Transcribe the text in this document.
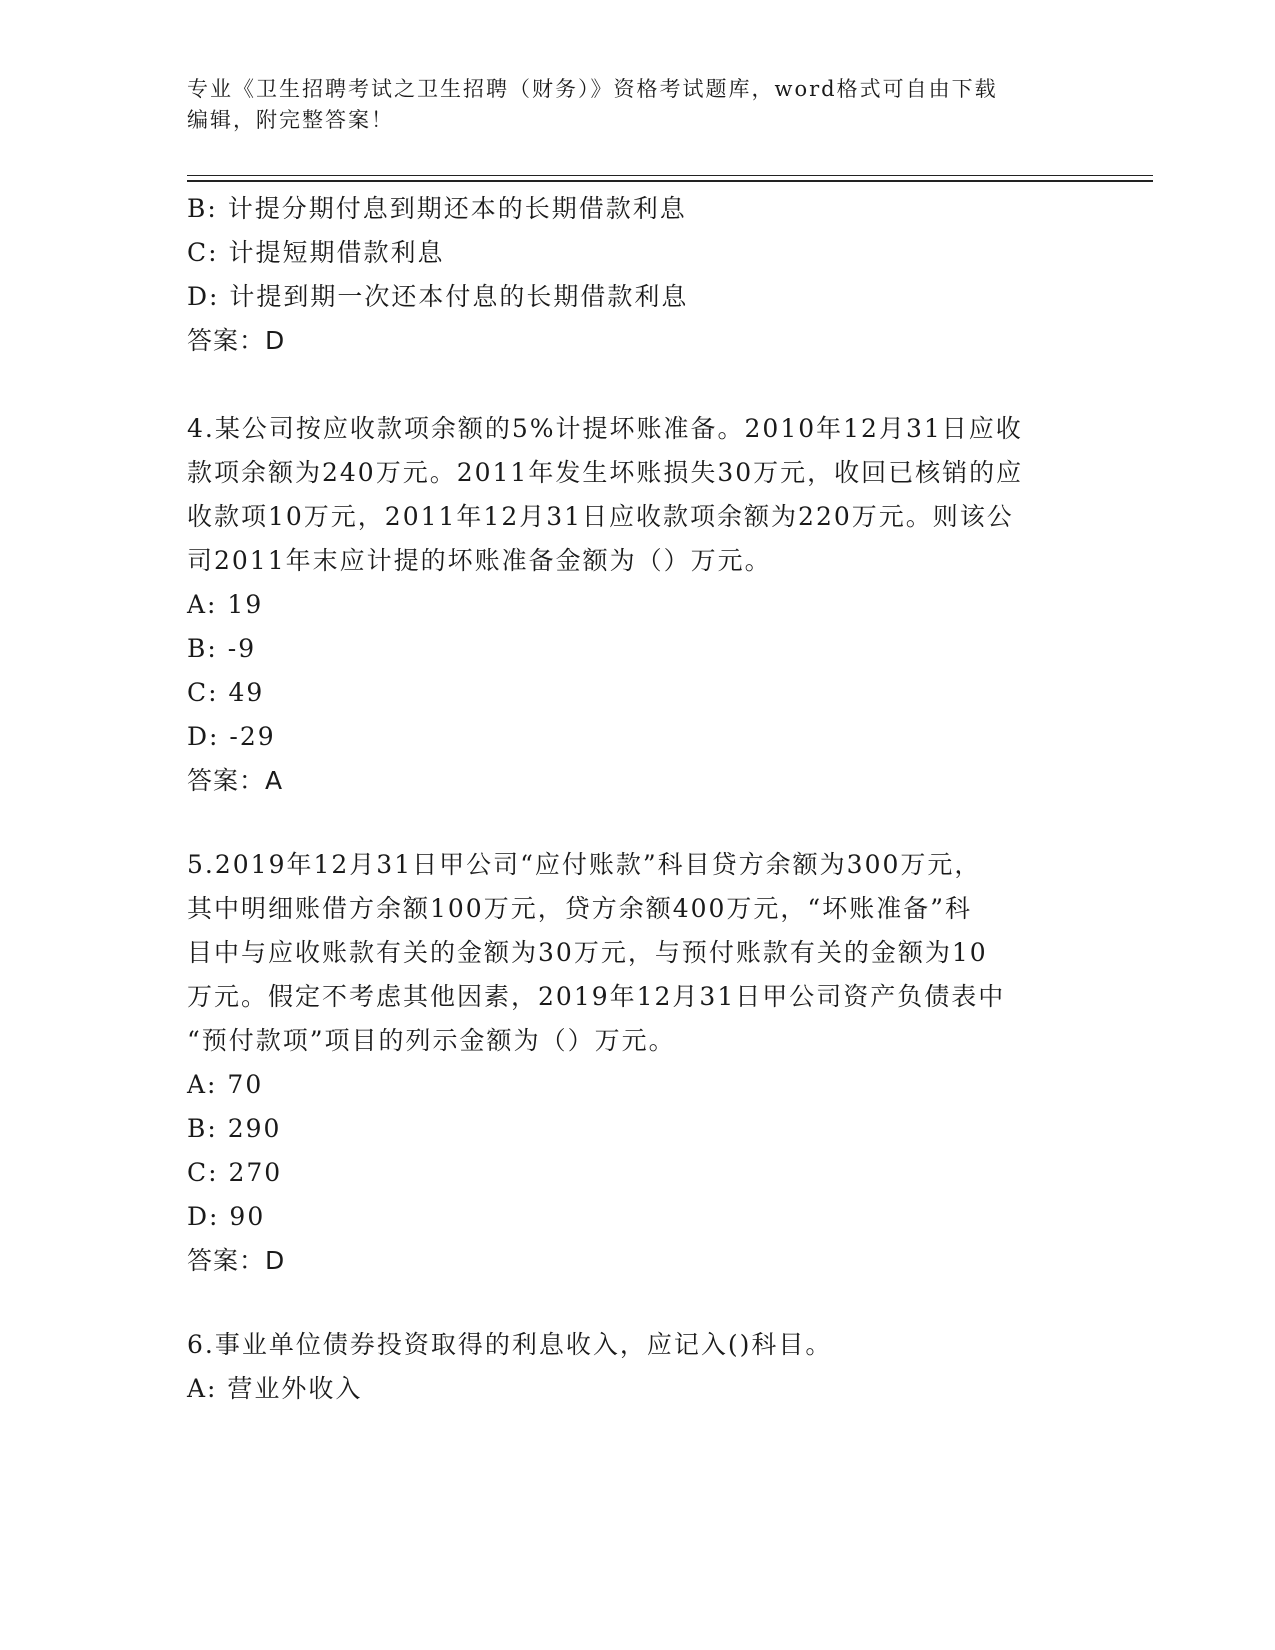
专业《卫生招聘考试之卫生招聘（财务）》资格考试题库，word格式可自由下载
编辑，附完整答案！
B: 计提分期付息到期还本的长期借款利息
C: 计提短期借款利息
D: 计提到期一次还本付息的长期借款利息
答案：D
4.某公司按应收款项余额的5%计提坏账准备。2010年12月31日应收
款项余额为240万元。2011年发生坏账损失30万元，收回已核销的应
收款项10万元，2011年12月31日应收款项余额为220万元。则该公
司2011年末应计提的坏账准备金额为（）万元。
A: 19
B: -9
C: 49
D: -29
答案：A
5.2019年12月31日甲公司“应付账款”科目贷方余额为300万元，
其中明细账借方余额100万元，贷方余额400万元，“坏账准备”科
目中与应收账款有关的金额为30万元，与预付账款有关的金额为10
万元。假定不考虑其他因素，2019年12月31日甲公司资产负债表中
“预付款项”项目的列示金额为（）万元。
A: 70
B: 290
C: 270
D: 90
答案：D
6.事业单位债券投资取得的利息收入，应记入()科目。
A: 营业外收入
